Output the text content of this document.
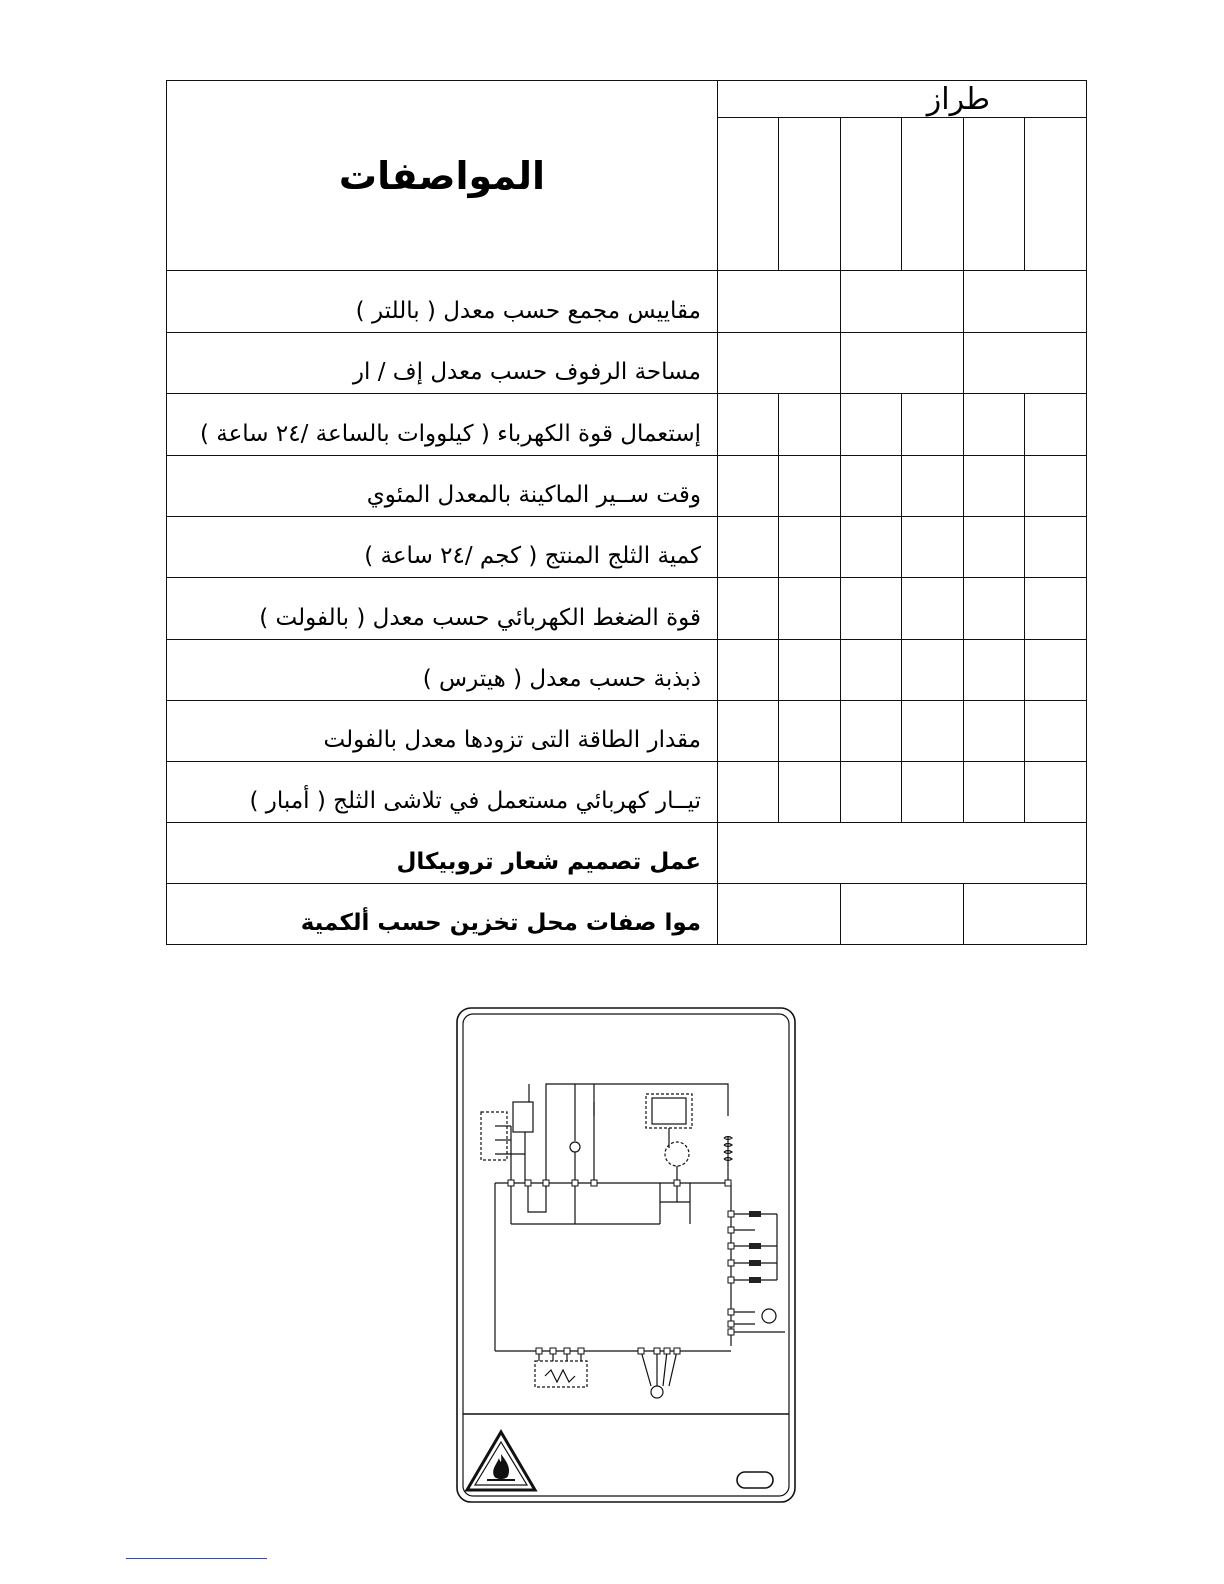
المواصفات	طراز					

مقاييس مجمع حسب معدل ( باللتر )						
مساحة الرفوف حسب معدل إف / ار						
إستعمال قوة الكهرباء ( كيلووات بالساعة /٢٤ ساعة )						
وقت ســير الماكينة بالمعدل المئوي						
كمية الثلج المنتج ( كجم /٢٤ ساعة )						
قوة الضغط الكهربائي حسب معدل ( بالفولت )						
ذبذبة حسب معدل ( هيترس )						
مقدار الطاقة التى تزودها معدل بالفولت						
تيــار كهربائي مستعمل في تلاشى الثلج ( أمبار )						
عمل تصميم شعار تروبيكال						
موا صفات محل تخزين حسب ألكمية						
